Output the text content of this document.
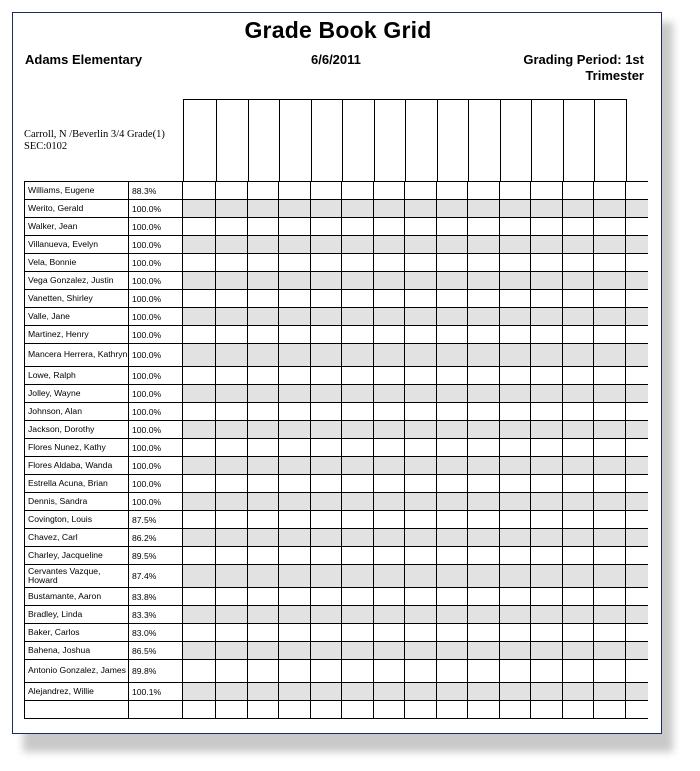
Grade Book Grid
Adams Elementary	6/6/2011	Grading Period: 1st
Trimester
Carroll, N /Beverlin 3/4 Grade(1)
SEC:0102
Williams, Eugene	88.3%
Werito, Gerald	100.0%
Walker, Jean	100.0%
Villanueva, Evelyn	100.0%
Vela, Bonnie	100.0%
Vega Gonzalez, Justin	100.0%
Vanetten, Shirley	100.0%
Valle, Jane	100.0%
Martinez, Henry	100.0%
Mancera Herrera, Kathryn 100.0%
Lowe, Ralph	100.0%
Jolley, Wayne	100.0%
Johnson, Alan	100.0%
Jackson, Dorothy	100.0%
Flores Nunez, Kathy	100.0%
Flores Aldaba, Wanda	100.0%
Estrella Acuna, Brian	100.0%
Dennis, Sandra	100.0%
Covington, Louis	87.5%
Chavez, Carl	86.2%
Charley, Jacqueline	89.5%
Cervantes Vazque, Howard	87.4%
Bustamante, Aaron	83.8%
Bradley, Linda	83.3%
Baker, Carlos	83.0%
Bahena, Joshua	86.5%
Antonio Gonzalez, James 89.8%
Alejandrez, Willie	100.1%
